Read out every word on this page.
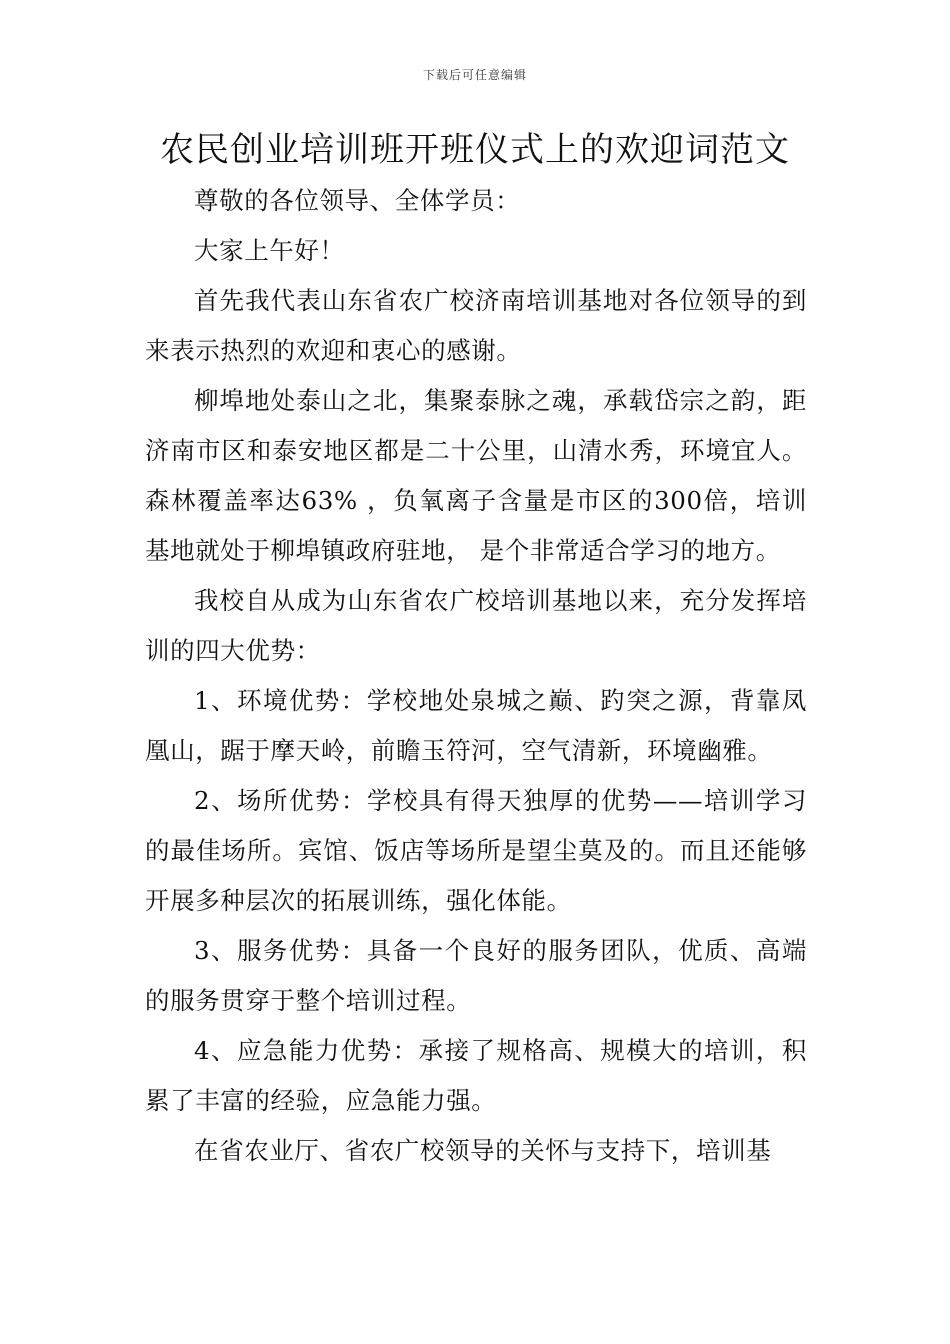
下载后可任意编辑
农民创业培训班开班仪式上的欢迎词范文

尊敬的各位领导、全体学员：

大家上午好！

首先我代表山东省农广校济南培训基地对各位领导的到来表示热烈的欢迎和衷心的感谢。

柳埠地处泰山之北，集聚泰脉之魂，承载岱宗之韵，距济南市区和泰安地区都是二十公里，山清水秀，环境宜人。森林覆盖率达63% ，负氧离子含量是市区的300倍，培训基地就处于柳埠镇政府驻地， 是个非常适合学习的地方。

我校自从成为山东省农广校培训基地以来，充分发挥培训的四大优势：

1、环境优势：学校地处泉城之巅、趵突之源，背靠凤凰山，踞于摩天岭，前瞻玉符河，空气清新，环境幽雅。

2、场所优势：学校具有得天独厚的优势——培训学习的最佳场所。宾馆、饭店等场所是望尘莫及的。而且还能够开展多种层次的拓展训练，强化体能。

3、服务优势：具备一个良好的服务团队，优质、高端的服务贯穿于整个培训过程。

4、应急能力优势：承接了规格高、规模大的培训，积累了丰富的经验，应急能力强。

在省农业厅、省农广校领导的关怀与支持下，培训基
